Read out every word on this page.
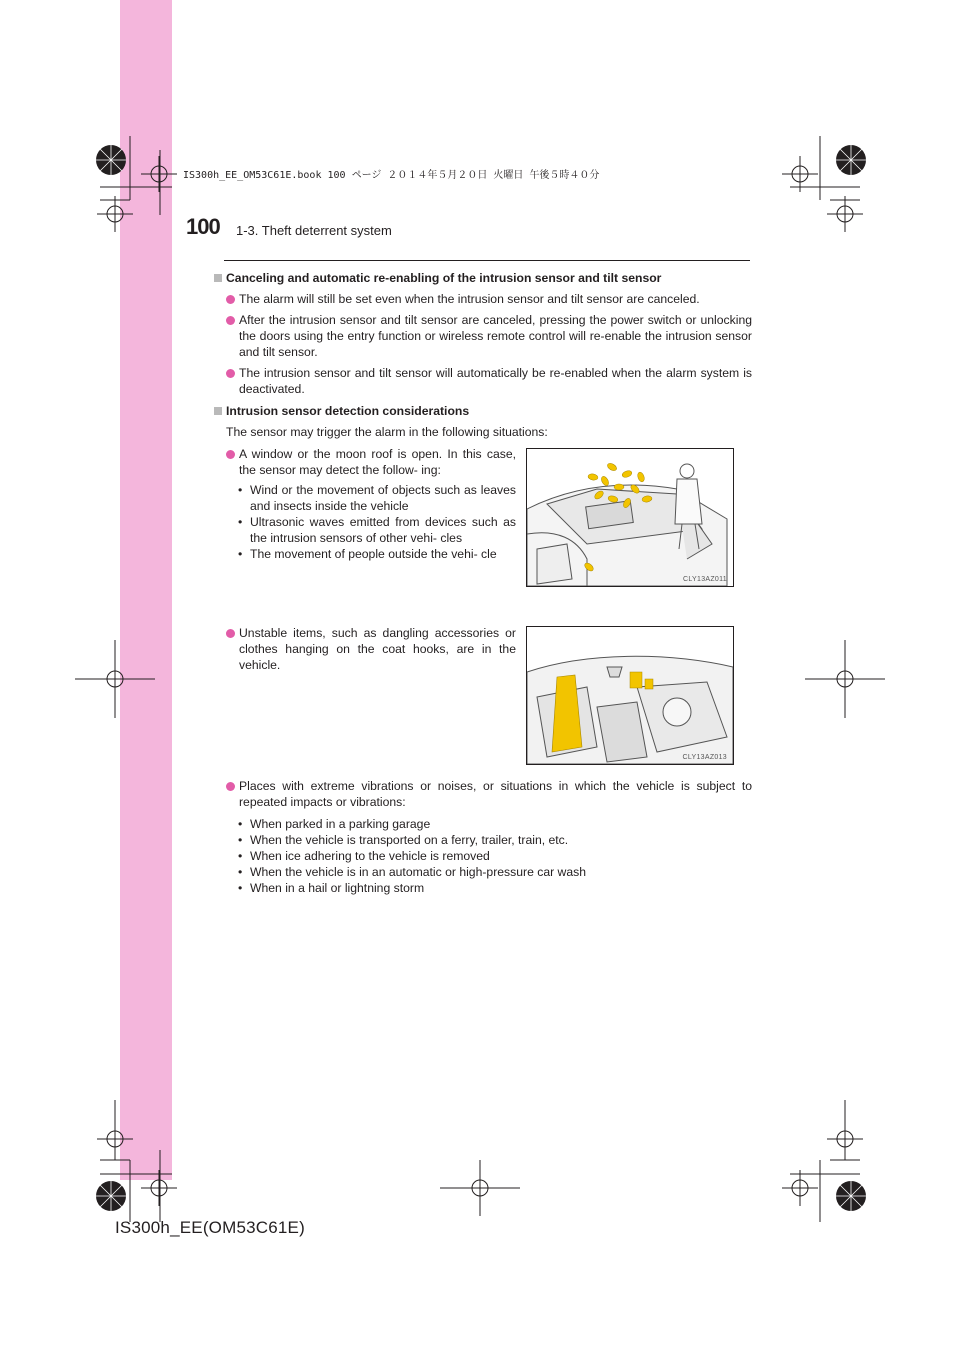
IS300h_EE_OM53C61E.book 100 ページ ２０１４年５月２０日 火曜日 午後５時４０分
100 1-3. Theft deterrent system
Canceling and automatic re-enabling of the intrusion sensor and tilt sensor
The alarm will still be set even when the intrusion sensor and tilt sensor are canceled.
After the intrusion sensor and tilt sensor are canceled, pressing the power switch or unlocking the doors using the entry function or wireless remote control will re-enable the intrusion sensor and tilt sensor.
The intrusion sensor and tilt sensor will automatically be re-enabled when the alarm system is deactivated.
Intrusion sensor detection considerations
The sensor may trigger the alarm in the following situations:
A window or the moon roof is open. In this case, the sensor may detect the follow- ing:
• Wind or the movement of objects such as leaves and insects inside the vehicle
• Ultrasonic waves emitted from devices such as the intrusion sensors of other vehi- cles
• The movement of people outside the vehi- cle
CLY13AZ011
Unstable items, such as dangling accessories or clothes hanging on the coat hooks, are in the vehicle.
CLY13AZ013
Places with extreme vibrations or noises, or situations in which the vehicle is subject to repeated impacts or vibrations:
• When parked in a parking garage
• When the vehicle is transported on a ferry, trailer, train, etc.
• When ice adhering to the vehicle is removed
• When the vehicle is in an automatic or high-pressure car wash
• When in a hail or lightning storm
IS300h_EE(OM53C61E)
